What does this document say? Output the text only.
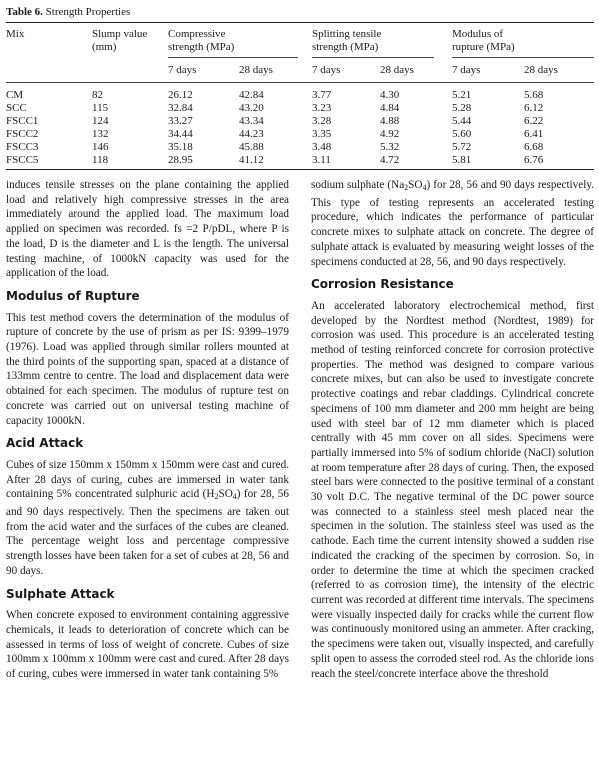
Table 6. Strength Properties
Mix	Slump value
(mm)
Compressive
strength (MPa)
Splitting tensile
strength (MPa)
Modulus of
rupture (MPa)
7 days	28 days	7 days	28 days	7 days	28 days
CM	82	26.12	42.84	3.77	4.30	5.21	5.68
SCC	115	32.84	43.20	3.23	4.84	5.28	6.12
FSCC1	124	33.27	43.34	3.28	4.88	5.44	6.22
FSCC2	132	34.44	44.23	3.35	4.92	5.60	6.41
FSCC3	146	35.18	45.88	3.48	5.32	5.72	6.68
FSCC5	118	28.95	41.12	3.11	4.72	5.81	6.76

induces tensile stresses on the plane containing the applied load and relatively high compressive stresses in the area immediately around the applied load. The maximum load applied on specimen was recorded. fs =2 P/pDL, where P is the load, D is the diameter and L is the length. The universal testing machine, of 1000kN capacity was used for the application of the load.

Modulus of Rupture

This test method covers the determination of the modulus of rupture of concrete by the use of prism as per IS: 9399–1979 (1976). Load was applied through similar rollers mounted at the third points of the supporting span, spaced at a distance of 133mm centre to centre. The load and displacement data were obtained for each specimen. The modulus of rupture test on concrete was carried out on universal testing machine of capacity 1000kN.

Acid Attack

Cubes of size 150mm x 150mm x 150mm were cast and cured. After 28 days of curing, cubes are immersed in water tank containing 5% concentrated sulphuric acid $(H_2SO_4)$ for 28, 56 and 90 days respectively. Then the specimens are taken out from the acid water and the surfaces of the cubes are cleaned. The percentage weight loss and percentage compressive strength losses have been taken for a set of cubes at 28, 56 and 90 days.

Sulphate Attack

When concrete exposed to environment containing aggressive chemicals, it leads to deterioration of concrete which can be assessed in terms of loss of weight of concrete. Cubes of size 100mm x 100mm x 100mm were cast and cured. After 28 days of curing, cubes were immersed in water tank containing 5%

sodium sulphate $(Na_2SO_4)$ for 28, 56 and 90 days respectively. This type of testing represents an accelerated testing procedure, which indicates the performance of particular concrete mixes to sulphate attack on concrete. The degree of sulphate attack is evaluated by measuring weight losses of the specimens conducted at 28, 56, and 90 days respectively.

Corrosion Resistance

An accelerated laboratory electrochemical method, first developed by the Nordtest method (Nordtest, 1989) for corrosion was used. This procedure is an accelerated testing method of testing reinforced concrete for corrosion protective properties. The method was designed to compare various concrete mixes, but can also be used to investigate concrete protective coatings and rebar claddings. Cylindrical concrete specimens of 100 mm diameter and 200 mm height are being used with steel bar of 12 mm diameter which is placed centrally with 45 mm cover on all sides. Specimens were partially immersed into 5% of sodium chloride (NaCl) solution at room temperature after 28 days of curing. Then, the exposed steel bars were connected to the positive terminal of a constant 30 volt D.C. The negative terminal of the DC power source was connected to a stainless steel mesh placed near the specimen in the solution. The stainless steel was used as the cathode. Each time the current intensity showed a sudden rise indicated the cracking of the specimen by corrosion. So, in order to determine the time at which the specimen cracked (referred to as corrosion time), the intensity of the electric current was recorded at different time intervals. The specimens were visually inspected daily for cracks while the current flow was continuously monitored using an ammeter. After cracking, the specimens were taken out, visually inspected, and carefully split open to assess the corroded steel rod. As the chloride ions reach the steel/concrete interface above the threshold
